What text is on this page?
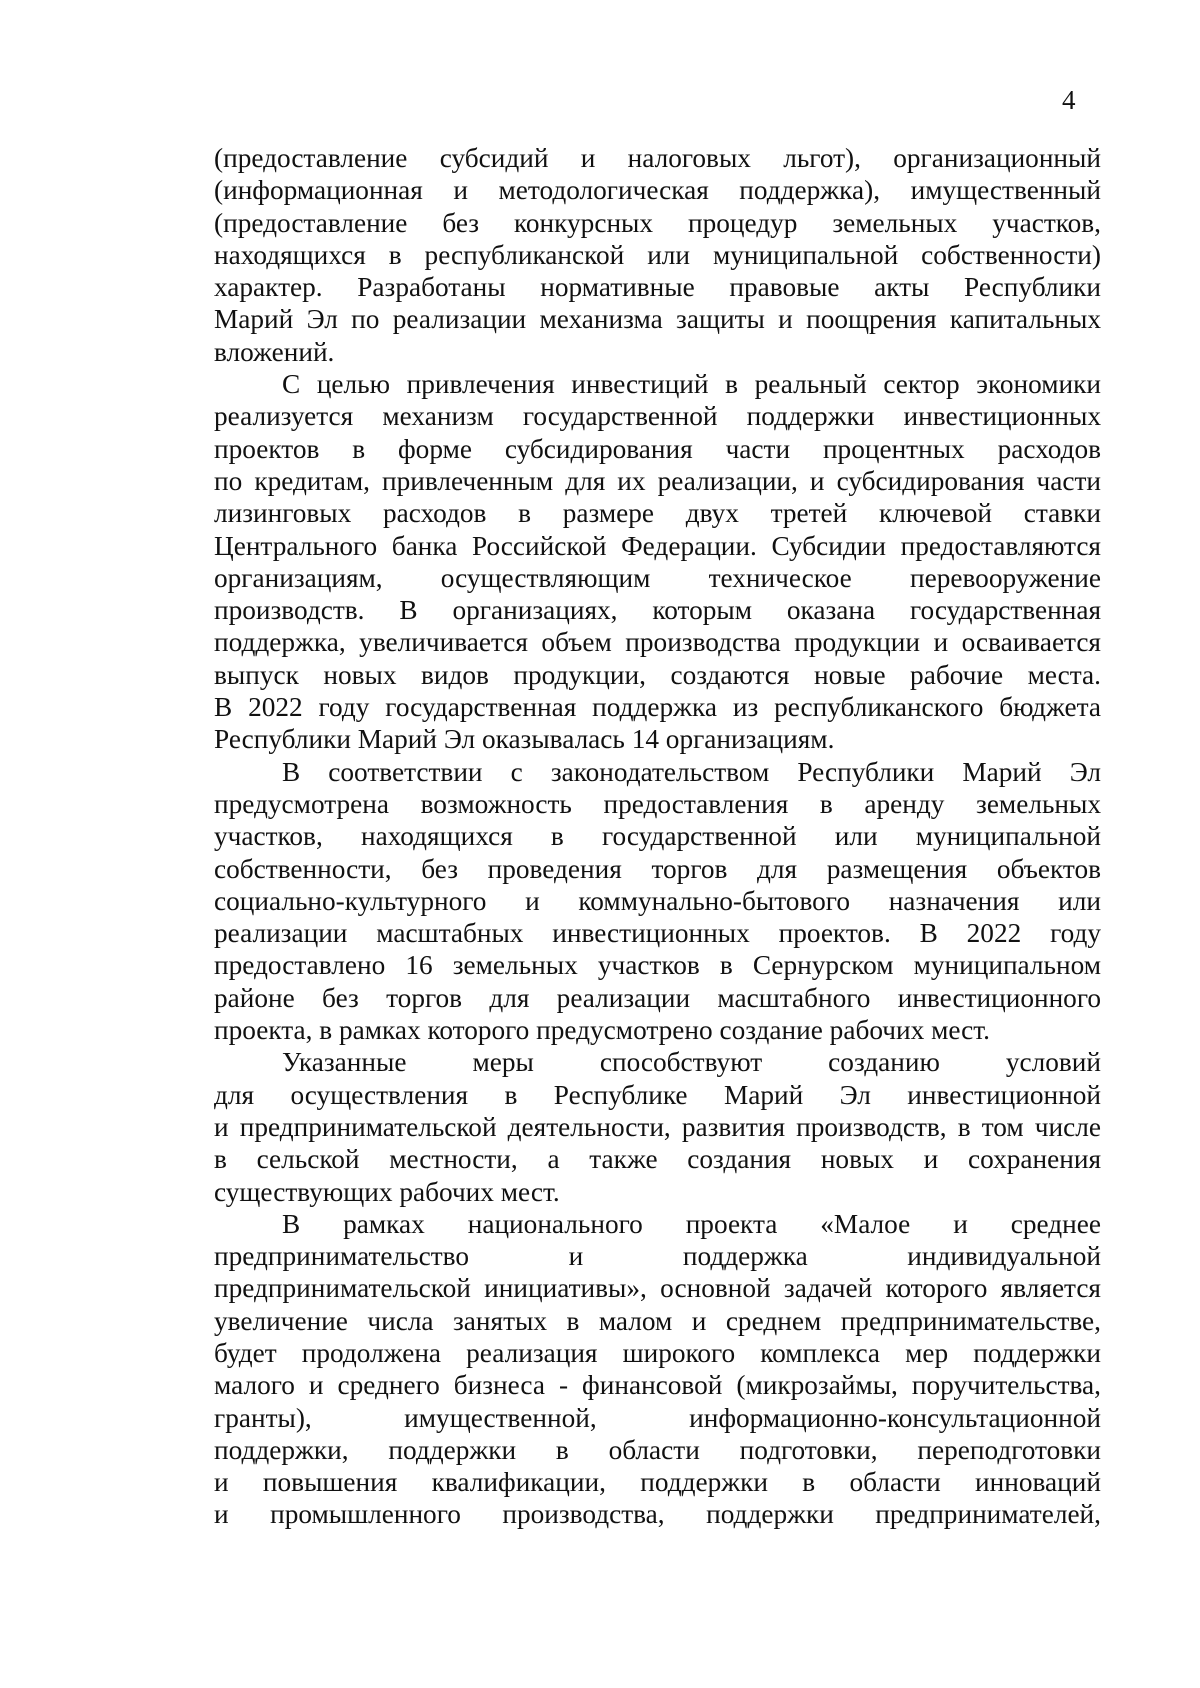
4
(предоставление субсидий и налоговых льгот), организационный
(информационная и методологическая поддержка), имущественный
(предоставление без конкурсных процедур земельных участков,
находящихся в республиканской или муниципальной собственности)
характер. Разработаны нормативные правовые акты Республики
Марий Эл по реализации механизма защиты и поощрения капитальных
вложений.
С целью привлечения инвестиций в реальный сектор экономики
реализуется механизм государственной поддержки инвестиционных
проектов в форме субсидирования части процентных расходов
по кредитам, привлеченным для их реализации, и субсидирования части
лизинговых расходов в размере двух третей ключевой ставки
Центрального банка Российской Федерации. Субсидии предоставляются
организациям, осуществляющим техническое перевооружение
производств. В организациях, которым оказана государственная
поддержка, увеличивается объем производства продукции и осваивается
выпуск новых видов продукции, создаются новые рабочие места.
В 2022 году государственная поддержка из республиканского бюджета
Республики Марий Эл оказывалась 14 организациям.
В соответствии с законодательством Республики Марий Эл
предусмотрена возможность предоставления в аренду земельных
участков, находящихся в государственной или муниципальной
собственности, без проведения торгов для размещения объектов
социально-культурного и коммунально-бытового назначения или
реализации масштабных инвестиционных проектов. В 2022 году
предоставлено 16 земельных участков в Сернурском муниципальном
районе без торгов для реализации масштабного инвестиционного
проекта, в рамках которого предусмотрено создание рабочих мест.
Указанные меры способствуют созданию условий
для осуществления в Республике Марий Эл инвестиционной
и предпринимательской деятельности, развития производств, в том числе
в сельской местности, а также создания новых и сохранения
существующих рабочих мест.
В рамках национального проекта «Малое и среднее
предпринимательство и поддержка индивидуальной
предпринимательской инициативы», основной задачей которого является
увеличение числа занятых в малом и среднем предпринимательстве,
будет продолжена реализация широкого комплекса мер поддержки
малого и среднего бизнеса - финансовой (микрозаймы, поручительства,
гранты), имущественной, информационно-консультационной
поддержки, поддержки в области подготовки, переподготовки
и повышения квалификации, поддержки в области инноваций
и промышленного производства, поддержки предпринимателей,
